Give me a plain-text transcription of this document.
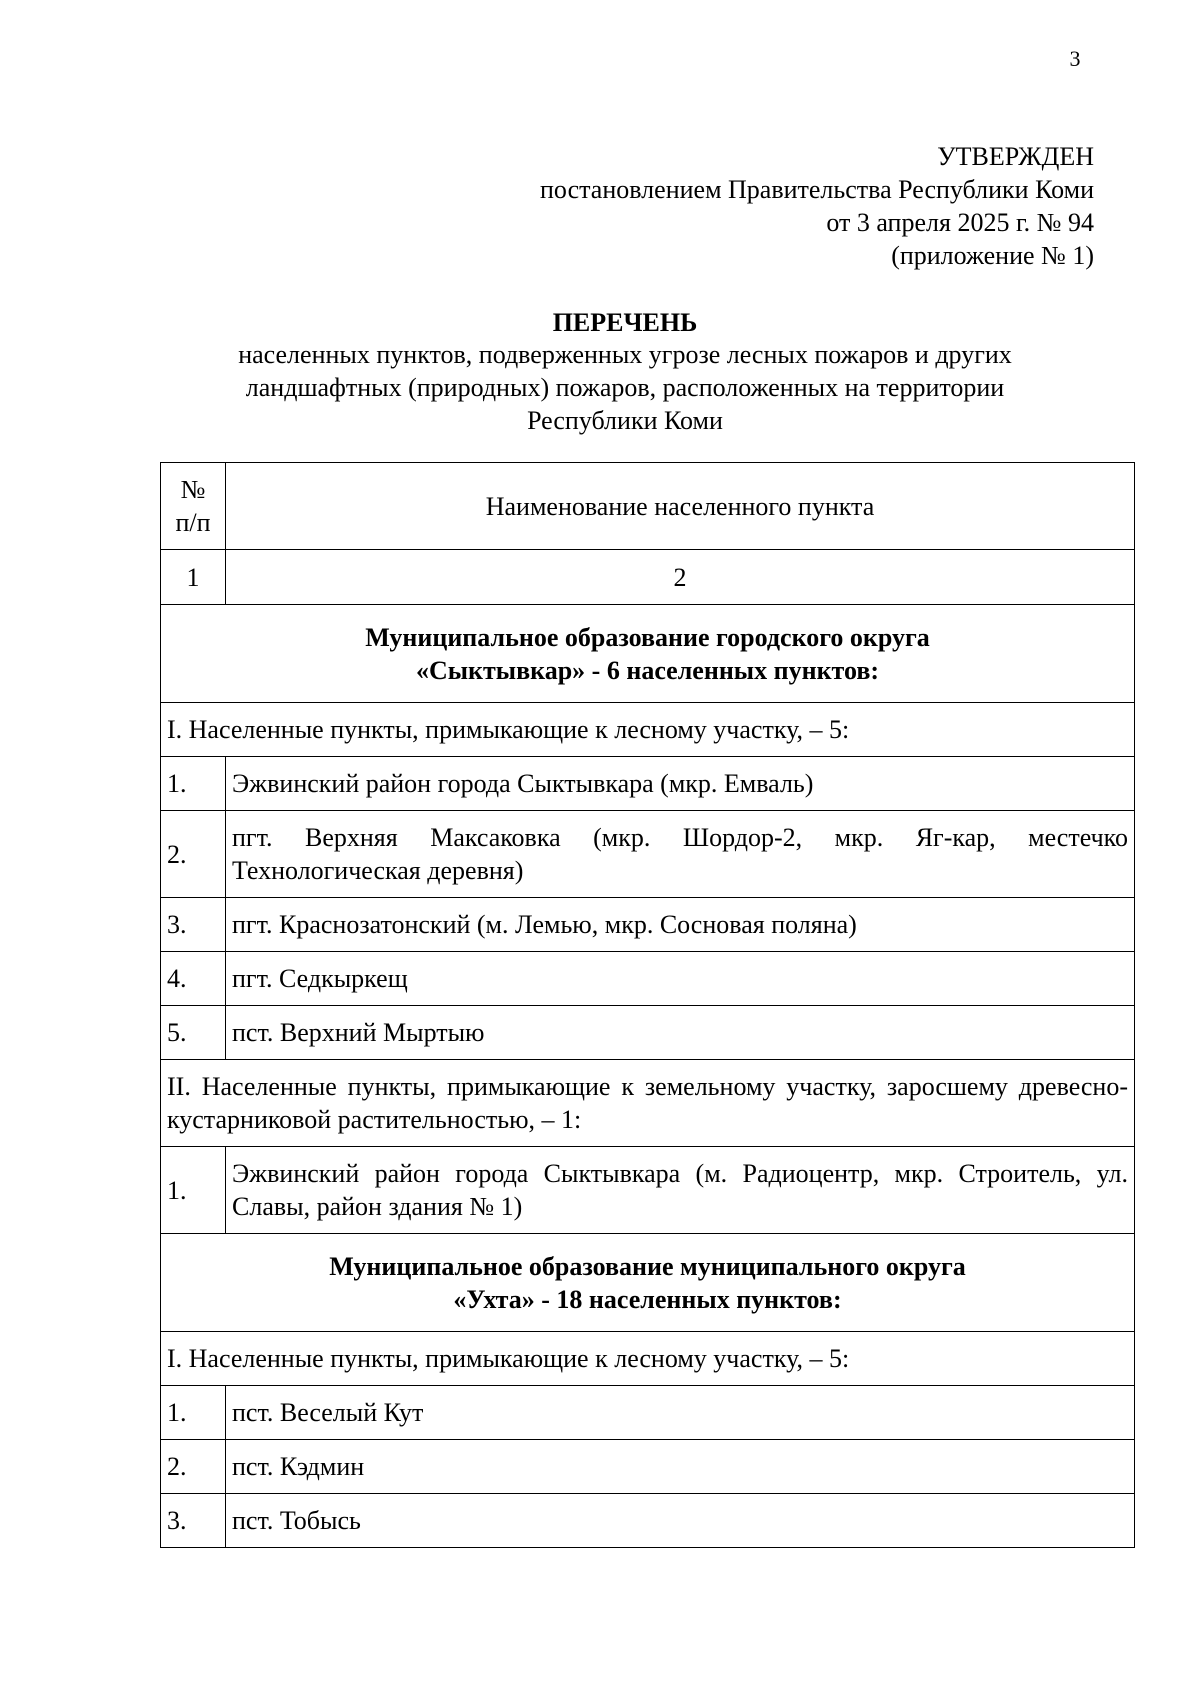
3
УТВЕРЖДЕН
постановлением Правительства Республики Коми
от 3 апреля 2025 г. № 94
(приложение № 1)
ПЕРЕЧЕНЬ
населенных пунктов, подверженных угрозе лесных пожаров и других
ландшафтных (природных) пожаров, расположенных на территории
Республики Коми
№
п/п	Наименование населенного пункта
1	2

Муниципальное образование городского округа
«Сыктывкар» - 6 населенных пунктов:	

I. Населенные пункты, примыкающие к лесному участку, – 5:	
1.	Эжвинский район города Сыктывкара (мкр. Емваль)
2.	пгт. Верхняя Максаковка (мкр. Шордор-2, мкр. Яг-кар, местечко Технологическая деревня)
3.	пгт. Краснозатонский (м. Лемью, мкр. Сосновая поляна)
4.	пгт. Седкыркещ
5.	пст. Верхний Мыртыю
II. Населенные пункты, примыкающие к земельному участку, заросшему древесно-кустарниковой растительностью, – 1:	
1.	Эжвинский район города Сыктывкара (м. Радиоцентр, мкр. Строитель, ул. Славы, район здания № 1)

Муниципальное образование муниципального округа
«Ухта» - 18 населенных пунктов:	

I. Населенные пункты, примыкающие к лесному участку, – 5:	
1.	пст. Веселый Кут
2.	пст. Кэдмин
3.	пст. Тобысь
